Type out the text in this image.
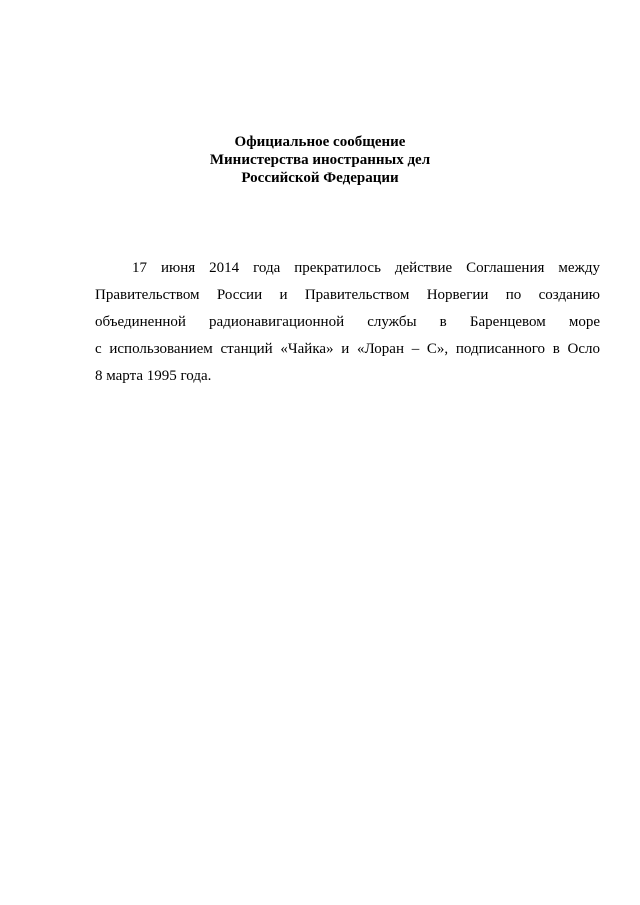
Официальное сообщение
Министерства иностранных дел
Российской Федерации
17 июня 2014 года прекратилось действие Соглашения между
Правительством России и Правительством Норвегии по созданию
объединенной радионавигационной службы в Баренцевом море
с использованием станций «Чайка» и «Лоран – С», подписанного в Осло
8 марта 1995 года.
